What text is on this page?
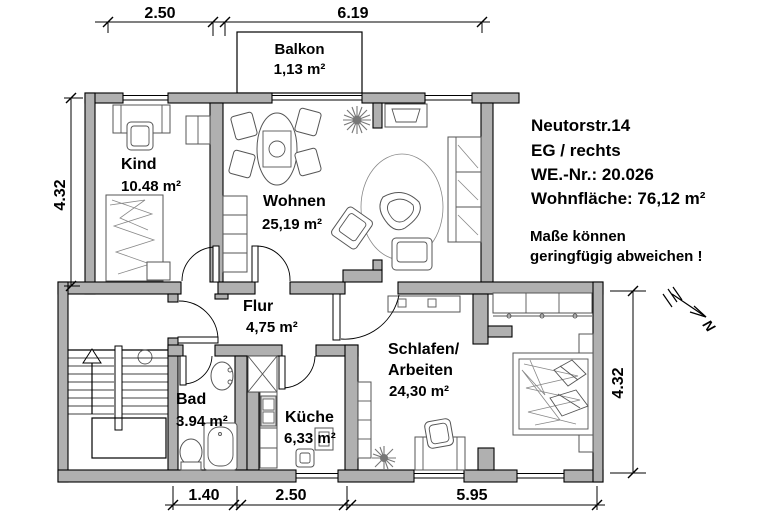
N
Balkon
1,13 m²
Kind
10.48 m²
Wohnen
25,19 m²
Flur
4,75 m²
Bad
3.94 m²	Küche
6,33 m²
Schlafen/
Arbeiten
24,30 m²
Neutorstr.14
EG / rechts
WE.-Nr.: 20.026
Wohnfläche: 76,12 m²
Maße können
geringfügig abweichen !
2.50	6.19
1.40	2.50	5.95
4.32
4.32
